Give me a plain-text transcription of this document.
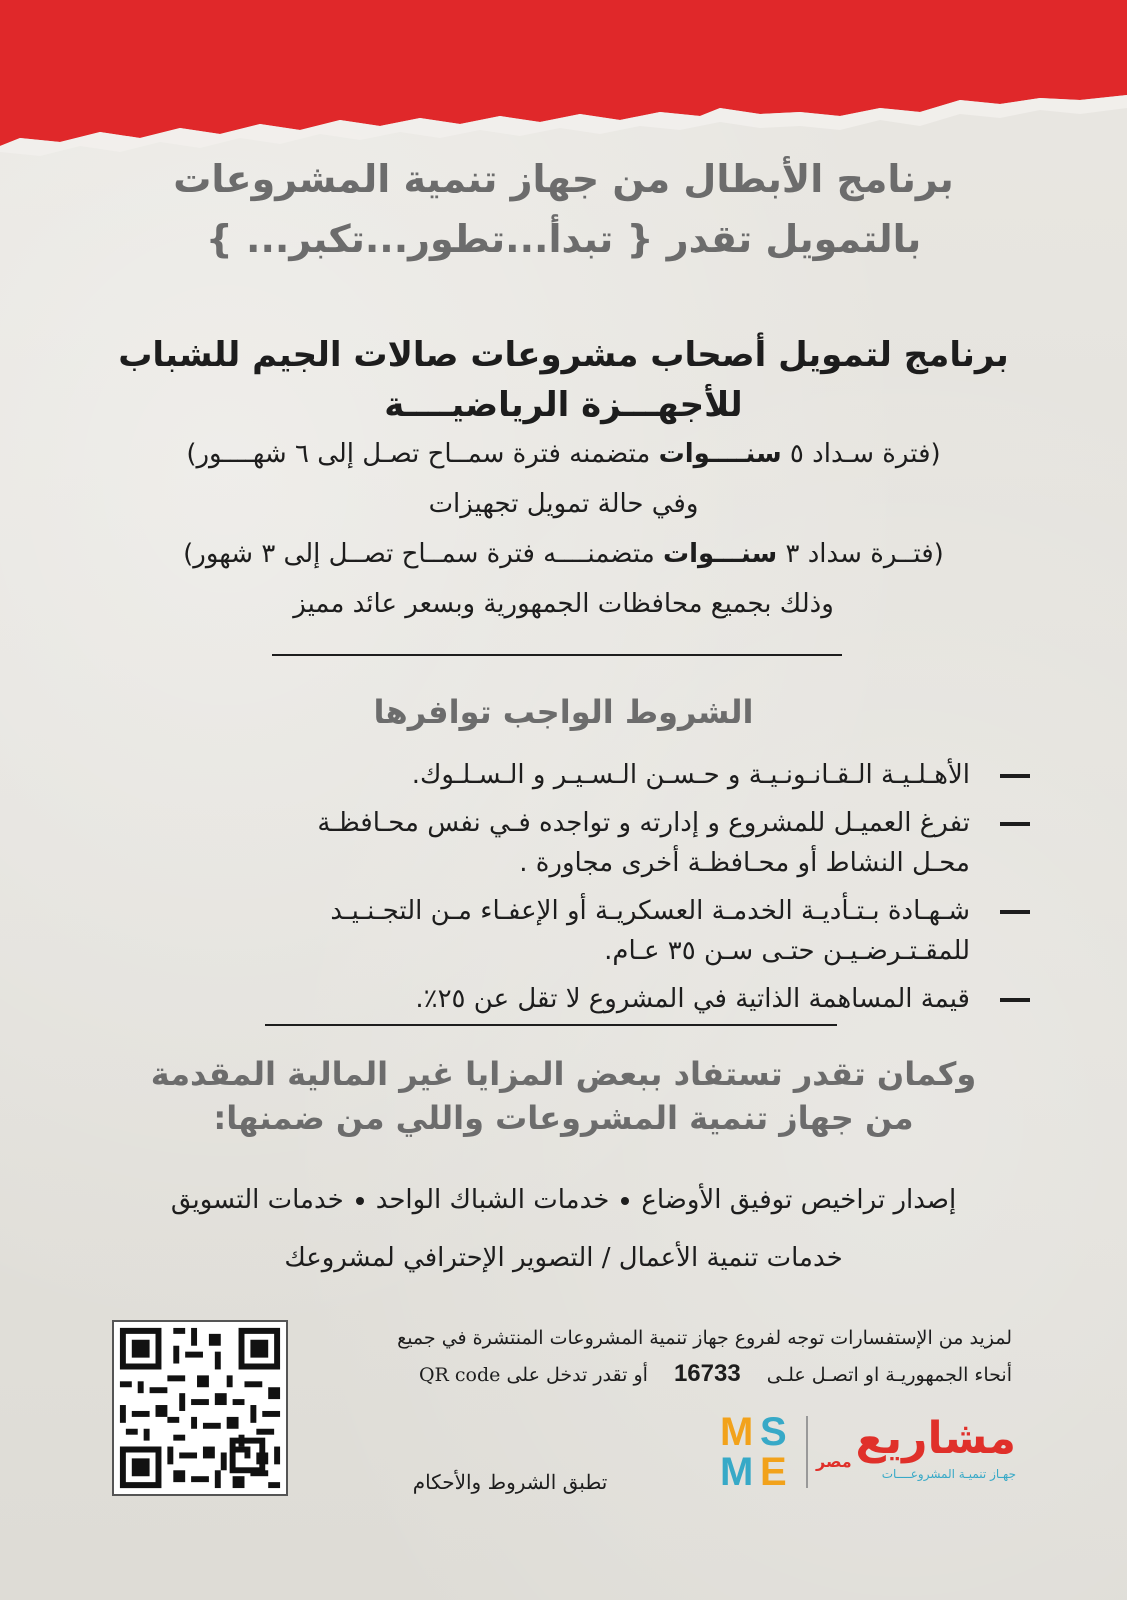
برنامج الأبطال من جهاز تنمية المشروعات
بالتمويل تقدر { تبدأ...تطور...تكبر... }
برنامج لتمويل أصحاب مشروعات صالات الجيم للشباب
للأجهـــزة الرياضيــــة
(فترة سـداد ٥ سنــــوات متضمنه فترة سمــاح تصـل إلى ٦ شهــــور)
وفي حالة تمويل تجهيزات
(فتــرة سداد ٣ سنـــوات متضمنــــه فترة سمــاح تصــل إلى ٣ شهور)
وذلك بجميع محافظات الجمهورية وبسعر عائد مميز
الشروط الواجب توافرها
الأهـلـيـة الـقـانـونـيـة و حـسـن الـسـيـر و الـسـلـوك.
تفرغ العميـل للمشروع و إدارته و تواجده فـي نفس محـافظـة محـل النشاط أو محـافظـة أخرى مجاورة .
شـهـادة بـتـأديـة الخدمـة العسكريـة أو الإعفـاء مـن التجـنـيـد للمقـتـرضـيـن حتـى سـن ٣٥ عـام.
قيمة المساهمة الذاتية في المشروع لا تقل عن ٢٥٪.
وكمان تقدر تستفاد ببعض المزايا غير المالية المقدمة
من جهاز تنمية المشروعات واللي من ضمنها:
إصدار تراخيص توفيق الأوضاعخدمات الشباك الواحدخدمات التسويق
خدمات تنمية الأعمال / التصوير الإحترافي لمشروعك
لمزيد من الإستفسارات توجه لفروع جهاز تنمية المشروعات المنتشرة في جميع
أنحاء الجمهوريـة او اتصـل علـى16733أو تقدر تدخل على QR code
تطبق الشروط والأحكام
M S
M E
مشاريع
مصر
جهـاز تنميـة المشروعــــات
